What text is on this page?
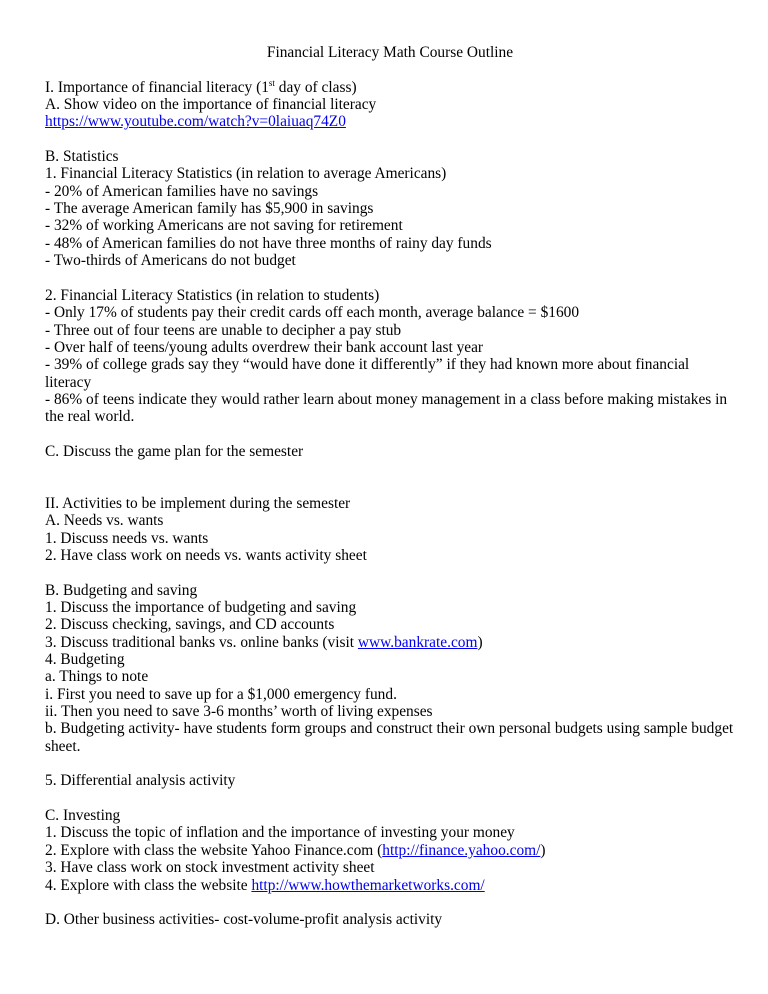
Financial Literacy Math Course Outline
I. Importance of financial literacy (1st day of class)
A. Show video on the importance of financial literacy
https://www.youtube.com/watch?v=0laiuaq74Z0
B. Statistics
1. Financial Literacy Statistics (in relation to average Americans)
- 20% of American families have no savings
- The average American family has $5,900 in savings
- 32% of working Americans are not saving for retirement
- 48% of American families do not have three months of rainy day funds
- Two-thirds of Americans do not budget
2. Financial Literacy Statistics (in relation to students)
- Only 17% of students pay their credit cards off each month, average balance = $1600
- Three out of four teens are unable to decipher a pay stub
- Over half of teens/young adults overdrew their bank account last year
- 39% of college grads say they “would have done it differently” if they had known more about financial
literacy
- 86% of teens indicate they would rather learn about money management in a class before making mistakes in
the real world.
C. Discuss the game plan for the semester
II. Activities to be implement during the semester
A. Needs vs. wants
1. Discuss needs vs. wants
2. Have class work on needs vs. wants activity sheet
B. Budgeting and saving
1. Discuss the importance of budgeting and saving
2. Discuss checking, savings, and CD accounts
3. Discuss traditional banks vs. online banks (visit www.bankrate.com)
4. Budgeting
a. Things to note
i. First you need to save up for a $1,000 emergency fund.
ii. Then you need to save 3-6 months’ worth of living expenses
b. Budgeting activity- have students form groups and construct their own personal budgets using sample budget
sheet.
5. Differential analysis activity
C. Investing
1. Discuss the topic of inflation and the importance of investing your money
2. Explore with class the website Yahoo Finance.com (http://finance.yahoo.com/)
3. Have class work on stock investment activity sheet
4. Explore with class the website http://www.howthemarketworks.com/
D. Other business activities- cost-volume-profit analysis activity
